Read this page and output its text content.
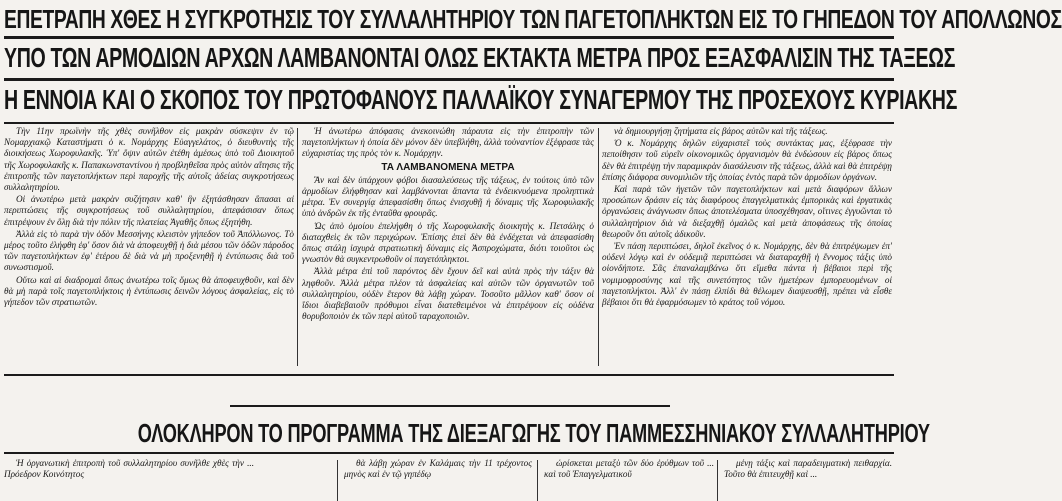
ΕΠΕΤΡΑΠΗ ΧΘΕΣ Η ΣΥΓΚΡΟΤΗΣΙΣ ΤΟΥ ΣΥΛΛΑΛΗΤΗΡΙΟΥ ΤΩΝ ΠΑΓΕΤΟΠΛΗΚΤΩΝ ΕΙΣ ΤΟ ΓΗΠΕΔΟΝ ΤΟΥ ΑΠΟΛΛΩΝΟΣ
ΥΠΟ ΤΩΝ ΑΡΜΟΔΙΩΝ ΑΡΧΩΝ ΛΑΜΒΑΝΟΝΤΑΙ ΟΛΩΣ ΕΚΤΑΚΤΑ ΜΕΤΡΑ ΠΡΟΣ ΕΞΑΣΦΑΛΙΣΙΝ ΤΗΣ ΤΑΞΕΩΣ
Η ΕΝΝΟΙΑ ΚΑΙ Ο ΣΚΟΠΟΣ ΤΟΥ ΠΡΩΤΟΦΑΝΟΥΣ ΠΑΛΛΑΪΚΟΥ ΣΥΝΑΓΕΡΜΟΥ ΤΗΣ ΠΡΟΣΕΧΟΥΣ ΚΥΡΙΑΚΗΣ

Τὴν 11ην πρωϊνὴν τῆς χθὲς συνῆλθον εἰς μακρὰν σύσκεψιν ἐν τῷ Νομαρχιακῷ Καταστήματι ὁ κ. Νομάρχης Εὐαγγελάτος, ὁ διευθυντὴς τῆς διοικήσεως Χωροφυλακῆς. Ὑπ' ὄψιν αὐτῶν ἐτέθη ἀμέσως ὑπὸ τοῦ Διοικητοῦ τῆς Χωροφυλακῆς κ. Παπακωνσταντίνου ἡ προβληθεῖσα πρὸς αὐτὸν αἴτησις τῆς ἐπιτροπῆς τῶν παγετοπλήκτων περὶ παροχῆς τῆς αὐτοῖς ἀδείας συγκροτήσεως συλλαλητηρίου.

Οἱ ἀνωτέρω μετὰ μακρὰν συζήτησιν καθ' ἣν ἐξητάσθησαν ἅπασαι αἱ περιπτώσεις τῆς συγκροτήσεως τοῦ συλλαλητηρίου, ἀπεφάσισαν ὅπως ἐπιτρέψουν ἐν ὅλῃ διὰ τὴν πόλιν τῆς πλατείας Ἀγαθῆς ὅπως ἐξητήθη.

Ἀλλὰ εἰς τὸ παρὰ τὴν ὁδὸν Μεσσήνης κλειστὸν γήπεδον τοῦ Ἀπόλλωνος. Τὸ μέρος τοῦτο ἐλήφθη ἐφ' ὅσον διὰ νὰ ἀποφευχθῇ ἡ διὰ μέσου τῶν ὁδῶν πάροδος τῶν παγετοπλήκτων ἐφ' ἑτέρου δὲ διὰ νὰ μὴ προξενηθῇ ἡ ἐντύπωσις διὰ τοῦ συνωστισμοῦ.

Οὕτω καὶ αἱ διαδρομαὶ ὅπως ἀνωτέρω τοῖς ὅμως θὰ ἀποφευχθοῦν, καὶ δὲν θὰ μὴ παρὰ τοῖς παγετοπλήκτοις ἡ ἐντύπωσις δεινῶν λόγους ἀσφαλείας, εἰς τὸ γήπεδον τῶν στρατιωτῶν.

Ἡ ἀνωτέρω ἀπόφασις ἀνεκοινώθη πάραυτα εἰς τὴν ἐπιτροπὴν τῶν παγετοπλήκτων ἡ ὁποία δὲν μόνον δὲν ὑπεβλήθη, ἀλλὰ τοὐναντίον ἐξέφρασε τὰς εὐχαριστίας της πρὸς τὸν κ. Νομάρχην.

ΤΑ ΛΑΜΒΑΝΟΜΕΝΑ ΜΕΤΡΑ

Ἂν καὶ δὲν ὑπάρχουν φόβοι διασαλεύσεως τῆς τάξεως, ἐν τούτοις ὑπὸ τῶν ἀρμοδίων ἐλήφθησαν καὶ λαμβάνονται ἅπαντα τὰ ἐνδεικνυόμενα προληπτικὰ μέτρα. Ἐν συνεργίᾳ ἀπεφασίσθη ὅπως ἐνισχυθῇ ἡ δύναμις τῆς Χωροφυλακῆς ὑπὸ ἀνδρῶν ἐκ τῆς ἐνταῦθα φρουρᾶς.

Ὡς ἀπὸ ὁμοίου ἐπελήφθη ὁ τῆς Χωροφυλακῆς διοικητὴς κ. Πετσάλης ὁ διαταχθεὶς ἐκ τῶν περιχώρων. Ἐπίσης ἐπεὶ δὲν θὰ ἐνδέχεται νὰ ἀπεφασίσθη ὅπως στάλῃ ἰσχυρὰ στρατιωτικὴ δύναμις εἰς Ἀσπροχώματα, διότι τοιοῦτοι ὡς γνωστὸν θὰ συγκεντρωθοῦν οἱ παγετόπληκτοι.

Ἀλλὰ μέτρα ἐπὶ τοῦ παρόντος δὲν ἔχουν δεῖ καὶ αὐτὰ πρὸς τὴν τάξιν θὰ ληφθοῦν. Ἀλλὰ μέτρα πλέον τὰ ἀσφαλείας καὶ αὐτῶν τῶν ὀργανωτῶν τοῦ συλλαλητηρίου, οὐδὲν ἕτερον θὰ λάβῃ χώραν. Τοσοῦτο μᾶλλον καθ' ὅσον οἱ ἴδιοι διαβεβαιοῦν πρόθυμοι εἶναι διατεθειμένοι νὰ ἐπιτρέψουν εἰς οὐδένα θορυβοποιὸν ἐκ τῶν περὶ αὐτοῦ ταραχοποιῶν.

νὰ δημιουργήσῃ ζητήματα εἰς βάρος αὐτῶν καὶ τῆς τάξεως.

Ὁ κ. Νομάρχης δηλῶν εὐχαριστεῖ τοὺς συντάκτας μας, ἐξέφρασε τὴν πεποίθησιν τοῦ εὑρεῖν οἰκονομικῶς ὀργανισμὸν θὰ ἐνδώσουν εἰς βάρος ὅπως δὲν θὰ ἐπιτρέψῃ τὴν παραμικρὰν διασάλευσιν τῆς τάξεως, ἀλλὰ καὶ θὰ ἐπιτρέψῃ ἐπίσης διάφορα συνομιλιῶν τῆς ὁποίας ἐντὸς παρὰ τῶν ἁρμοδίων ὀργάνων.

Καὶ παρὰ τῶν ἡγετῶν τῶν παγετοπλήκτων καὶ μετὰ διαφόρων ἄλλων προσώπων δράσιν εἰς τὰς διαφόρους ἐπαγγελματικὰς ἐμπορικὰς καὶ ἐργατικὰς ὀργανώσεις ἀνάγνωσιν ὅπως ἀποτελέσματα ὑποσχέθησαν, οἵτινες ἐγγυῶνται τὸ συλλαλητήριον διὰ νὰ διεξαχθῇ ὁμαλῶς καὶ μετὰ ἀποφάσεως τῆς ὁποίας θεωροῦν ὅτι αὐτοῖς ἀδικοῦν.

Ἐν πάσῃ περιπτώσει, δηλοῖ ἐκεῖνος ὁ κ. Νομάρχης, δὲν θὰ ἐπιτρέψωμεν ἐπ' οὐδενὶ λόγῳ καὶ ἐν οὐδεμιᾷ περιπτώσει νὰ διαταραχθῇ ἡ ἔννομος τάξις ὑπὸ οἱονδήποτε. Σᾶς ἐπαναλαμβάνω ὅτι εἴμεθα πάντα ἡ βέβαιοι περὶ τῆς νομιμοφροσύνης καὶ τῆς συνετότητος τῶν ἡμετέρων ἐμπορευομένων οἱ παγετοπλήκτοι. Ἀλλ' ἐν πάσῃ ἐλπίδι θὰ θέλωμεν διαψευσθῇ, πρέπει νὰ εἶσθε βέβαιοι ὅτι θὰ ἐφαρμόσωμεν τὸ κράτος τοῦ νόμου.

ΟΛΟΚΛΗΡΟΝ ΤΟ ΠΡΟΓΡΑΜΜΑ ΤΗΣ ΔΙΕΞΑΓΩΓΗΣ ΤΟΥ ΠΑΜΜΕΣΣΗΝΙΑΚΟΥ ΣΥΛΛΑΛΗΤΗΡΙΟΥ

Ἡ ὀργανωτικὴ ἐπιτροπὴ τοῦ συλλαλητηρίου συνῆλθε χθὲς τὴν ... Πρόεδρον Κοινότητος

θὰ λάβῃ χώραν ἐν Καλάμαις τὴν 11 τρέχοντος μηνὸς καὶ ἐν τῷ γηπέδῳ

ὡρίσκεται μεταξὺ τῶν δύο ἐρύθμων τοῦ ... καὶ τοῦ Ἐπαγγελματικοῦ

μένῃ τάξις καὶ παραδειγματικὴ πειθαρχία. Τοῦτο θὰ ἐπιτευχθῇ καὶ ...
